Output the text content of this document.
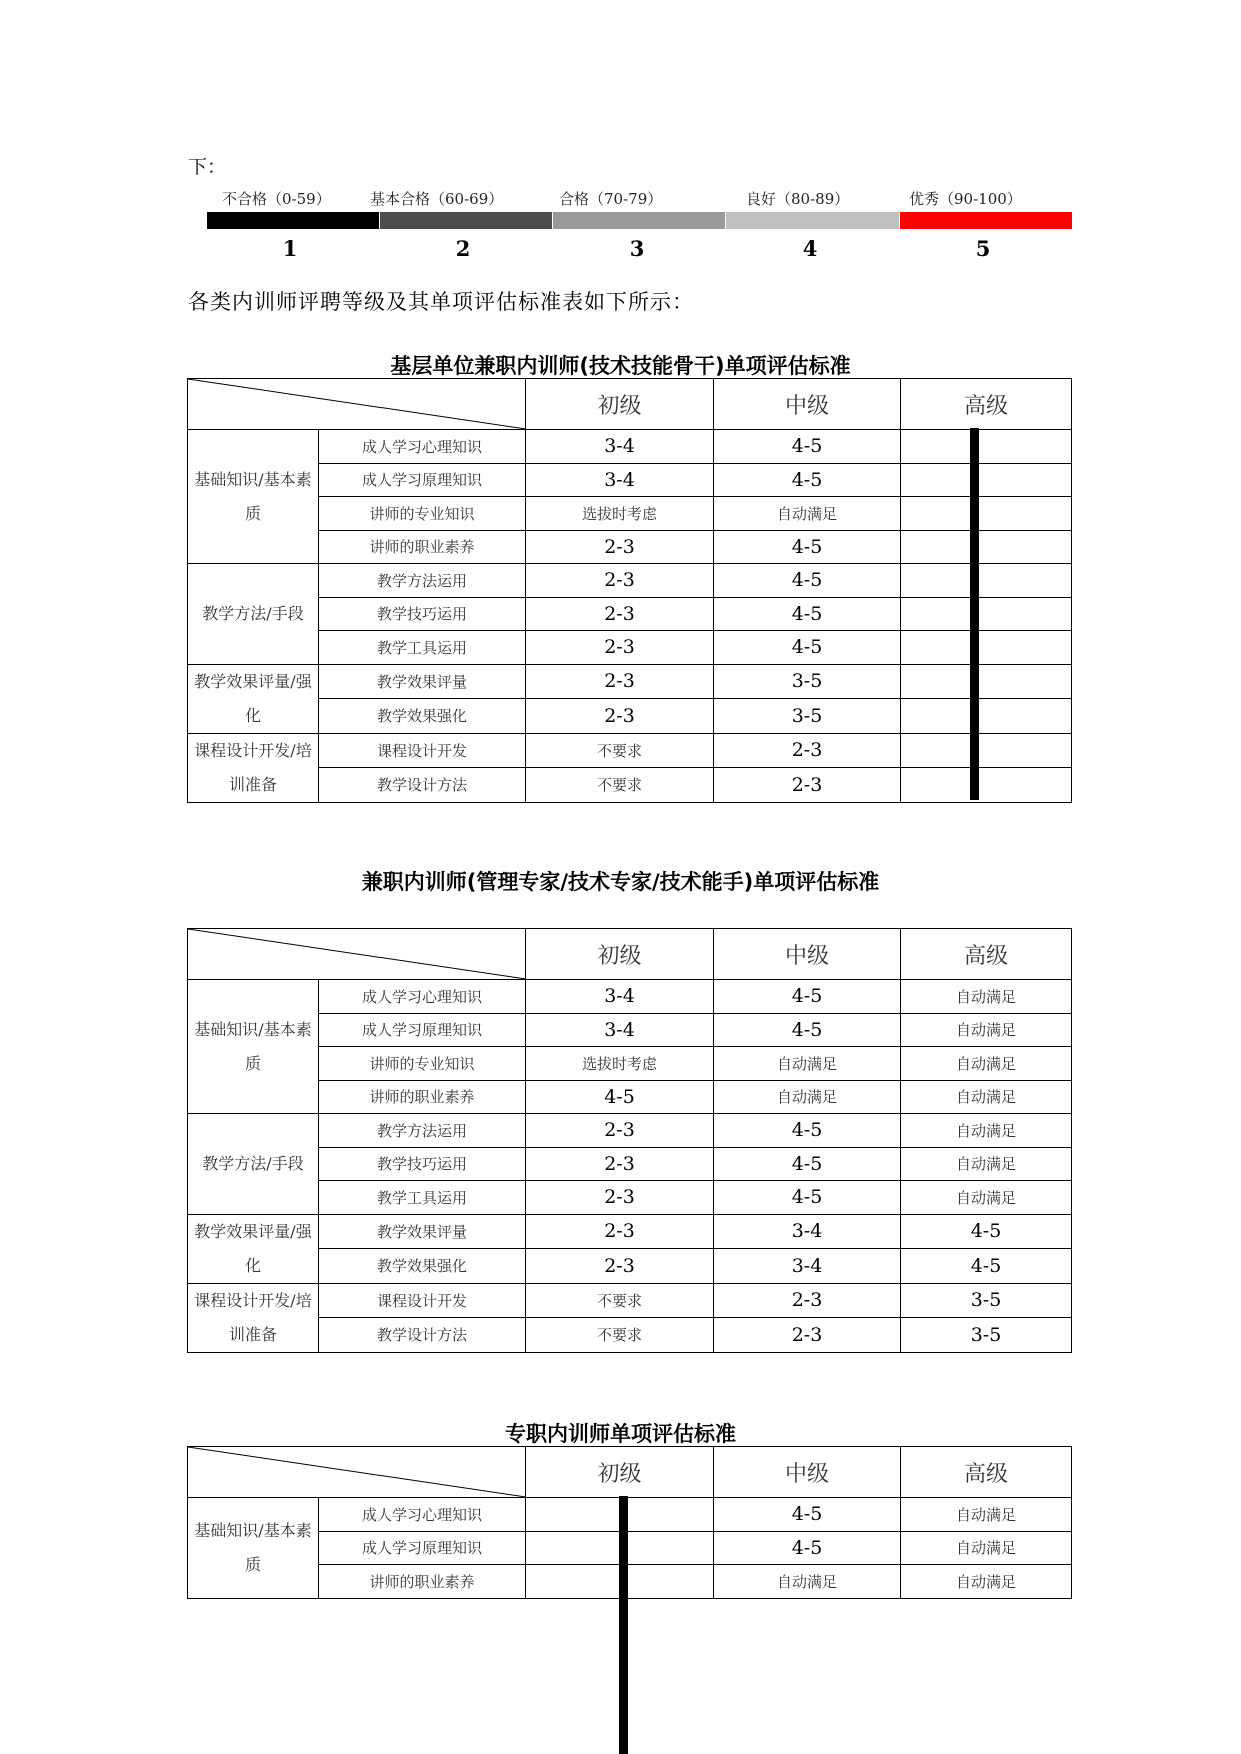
下：
不合格（0-59）	基本合格（60-69）	合格（70-79）	良好（80-89）	优秀（90-100）
1	2	3	4	5
各类内训师评聘等级及其单项评估标准表如下所示：
基层单位兼职内训师(技术技能骨干)单项评估标准
	初级	中级	高级
基础知识/基本素质	成人学习心理知识	3-4	4-5	
	成人学习原理知识	3-4	4-5	
	讲师的专业知识	选拔时考虑	自动满足	
	讲师的职业素养	2-3	4-5	
教学方法/手段	教学方法运用	2-3	4-5	
	教学技巧运用	2-3	4-5	
	教学工具运用	2-3	4-5	
教学效果评量/强化	教学效果评量	2-3	3-5	
	教学效果强化	2-3	3-5	
课程设计开发/培训准备	课程设计开发	不要求	2-3	
	教学设计方法	不要求	2-3	
兼职内训师(管理专家/技术专家/技术能手)单项评估标准
	初级	中级	高级
基础知识/基本素质	成人学习心理知识	3-4	4-5	自动满足
	成人学习原理知识	3-4	4-5	自动满足
	讲师的专业知识	选拔时考虑	自动满足	自动满足
	讲师的职业素养	4-5	自动满足	自动满足
教学方法/手段	教学方法运用	2-3	4-5	自动满足
	教学技巧运用	2-3	4-5	自动满足
	教学工具运用	2-3	4-5	自动满足
教学效果评量/强化	教学效果评量	2-3	3-4	4-5
	教学效果强化	2-3	3-4	4-5
课程设计开发/培训准备	课程设计开发	不要求	2-3	3-5
	教学设计方法	不要求	2-3	3-5
专职内训师单项评估标准
	初级	中级	高级
基础知识/基本素质	成人学习心理知识		4-5	自动满足
	成人学习原理知识		4-5	自动满足
	讲师的职业素养		自动满足	自动满足
